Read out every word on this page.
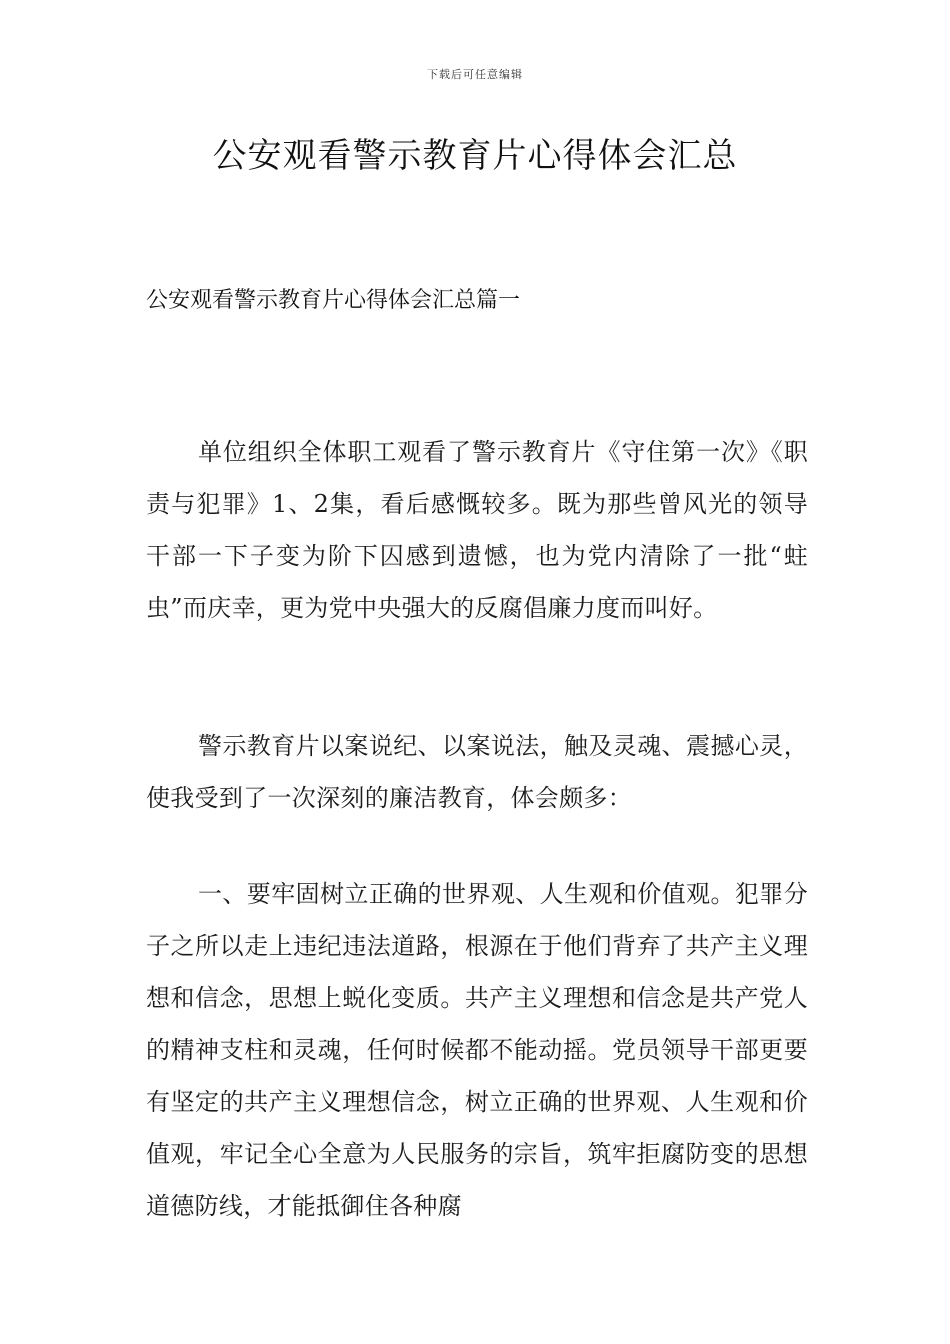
下载后可任意编辑
公安观看警示教育片心得体会汇总
公安观看警示教育片心得体会汇总篇一

单位组织全体职工观看了警示教育片《守住第一次》《职责与犯罪》1、2集，看后感慨较多。既为那些曾风光的领导干部一下子变为阶下囚感到遗憾，也为党内清除了一批“蛀虫”而庆幸，更为党中央强大的反腐倡廉力度而叫好。

警示教育片以案说纪、以案说法，触及灵魂、震撼心灵，使我受到了一次深刻的廉洁教育，体会颇多：

一、要牢固树立正确的世界观、人生观和价值观。犯罪分子之所以走上违纪违法道路，根源在于他们背弃了共产主义理想和信念，思想上蜕化变质。共产主义理想和信念是共产党人的精神支柱和灵魂，任何时候都不能动摇。党员领导干部更要有坚定的共产主义理想信念，树立正确的世界观、人生观和价值观，牢记全心全意为人民服务的宗旨，筑牢拒腐防变的思想道德防线，才能抵御住各种腐
